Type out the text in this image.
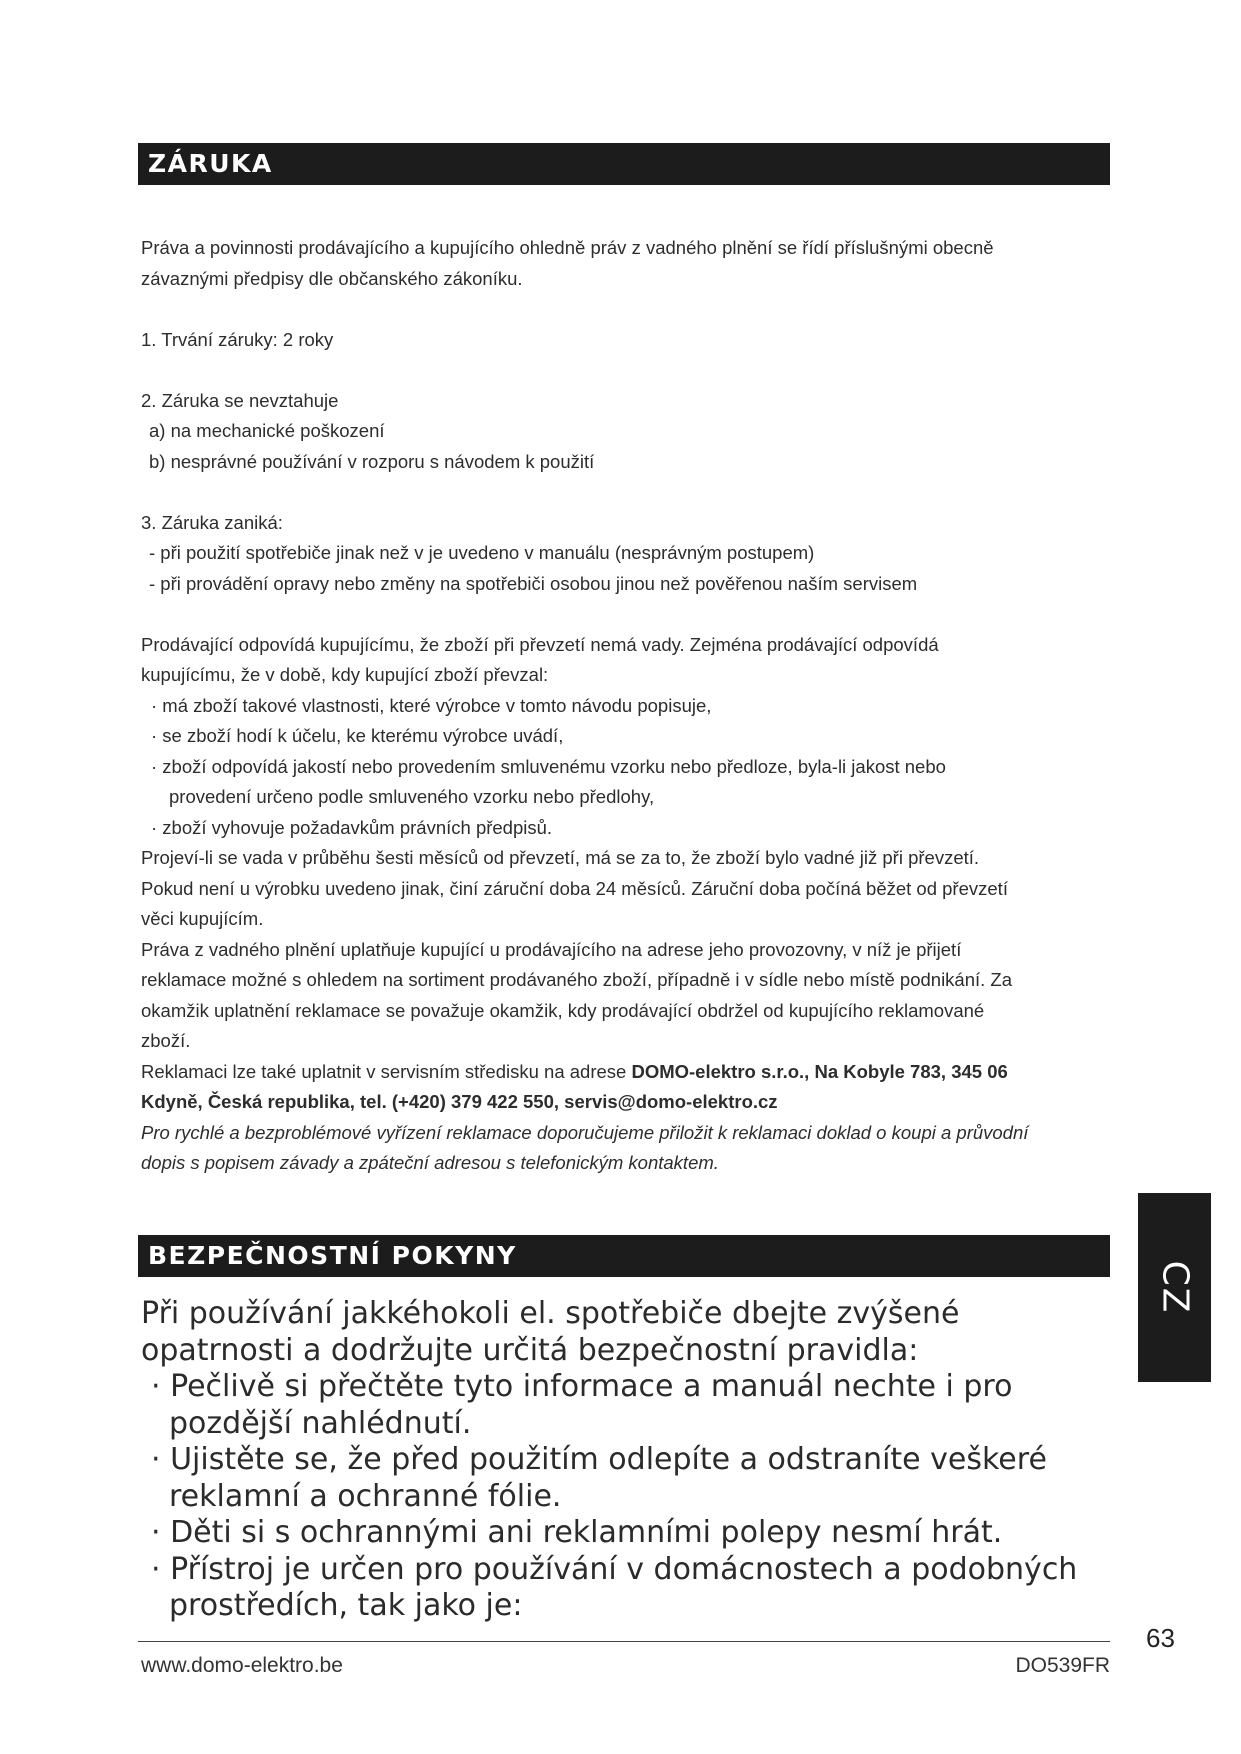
ZÁRUKA

Práva a povinnosti prodávajícího a kupujícího ohledně práv z vadného plnění se řídí příslušnými obecně

závaznými předpisy dle občanského zákoníku.

1. Trvání záruky: 2 roky

2. Záruka se nevztahuje

a) na mechanické poškození

b) nesprávné používání v rozporu s návodem k použití

3. Záruka zaniká:

- při použití spotřebiče jinak než v je uvedeno v manuálu (nesprávným postupem)

- při provádění opravy nebo změny na spotřebiči osobou jinou než pověřenou naším servisem

Prodávající odpovídá kupujícímu, že zboží při převzetí nemá vady. Zejména prodávající odpovídá

kupujícímu, že v době, kdy kupující zboží převzal:

· má zboží takové vlastnosti, které výrobce v tomto návodu popisuje,

· se zboží hodí k účelu, ke kterému výrobce uvádí,

· zboží odpovídá jakostí nebo provedením smluvenému vzorku nebo předloze, byla-li jakost nebo

provedení určeno podle smluveného vzorku nebo předlohy,

· zboží vyhovuje požadavkům právních předpisů.

Projeví-li se vada v průběhu šesti měsíců od převzetí, má se za to, že zboží bylo vadné již při převzetí.

Pokud není u výrobku uvedeno jinak, činí záruční doba 24 měsíců. Záruční doba počíná běžet od převzetí

věci kupujícím.

Práva z vadného plnění uplatňuje kupující u prodávajícího na adrese jeho provozovny, v níž je přijetí

reklamace možné s ohledem na sortiment prodávaného zboží, případně i v sídle nebo místě podnikání. Za

okamžik uplatnění reklamace se považuje okamžik, kdy prodávající obdržel od kupujícího reklamované

zboží.

Reklamaci lze také uplatnit v servisním středisku na adrese DOMO-elektro s.r.o., Na Kobyle 783, 345 06

Kdyně, Česká republika, tel. (+420) 379 422 550, servis@domo-elektro.cz

Pro rychlé a bezproblémové vyřízení reklamace doporučujeme přiložit k reklamaci doklad o koupi a průvodní

dopis s popisem závady a zpáteční adresou s telefonickým kontaktem.

BEZPEČNOSTNÍ POKYNY

Při používání jakkéhokoli el. spotřebiče dbejte zvýšené

opatrnosti a dodržujte určitá bezpečnostní pravidla:

· Pečlivě si přečtěte tyto informace a manuál nechte i pro

pozdější nahlédnutí.

· Ujistěte se, že před použitím odlepíte a odstraníte veškeré

reklamní a ochranné fólie.

· Děti si s ochrannými ani reklamními polepy nesmí hrát.

· Přístroj je určen pro používání v domácnostech a podobných

prostředích, tak jako je:

CZ
63
www.domo-elektro.be	DO539FR
